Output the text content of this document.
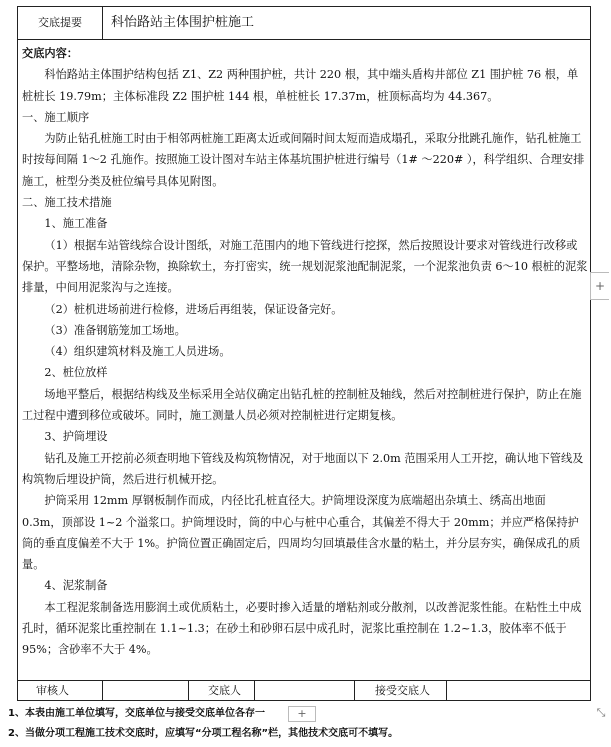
交底提要	科怡路站主体围护桩施工

交底内容：

科怡路站主体围护结构包括 Z1、Z2 两种围护桩，共计 220 根，其中端头盾构井部位 Z1 围护桩 76 根，单桩桩长 19.79m；主体标准段 Z2 围护桩 144 根，单桩桩长 17.37m，桩顶标高均为 44.367。

一、施工顺序

为防止钻孔桩施工时由于相邻两桩施工距离太近或间隔时间太短而造成塌孔，采取分批跳孔施作，钻孔桩施工时按每间隔 1～2 孔施作。按照施工设计图对车站主体基坑围护桩进行编号（1# ～220# ），科学组织、合理安排施工，桩型分类及桩位编号具体见附图。

二、施工技术措施

1、施工准备

（1）根据车站管线综合设计图纸，对施工范围内的地下管线进行挖探，然后按照设计要求对管线进行改移或保护。平整场地，清除杂物，换除软土，夯打密实，统一规划泥浆池配制泥浆，一个泥浆池负责 6～10 根桩的泥浆排量，中间用泥浆沟与之连接。

（2）桩机进场前进行检修，进场后再组装，保证设备完好。

（3）准备钢筋笼加工场地。

（4）组织建筑材料及施工人员进场。

2、桩位放样

场地平整后，根据结构线及坐标采用全站仪确定出钻孔桩的控制桩及轴线，然后对控制桩进行保护，防止在施工过程中遭到移位或破坏。同时，施工测量人员必须对控制桩进行定期复核。

3、护筒埋设

钻孔及施工开挖前必须查明地下管线及构筑物情况，对于地面以下 2.0m 范围采用人工开挖，确认地下管线及构筑物后埋设护筒，然后进行机械开挖。

护筒采用 12mm 厚钢板制作而成，内径比孔桩直径大。护筒埋设深度为底端超出杂填土、绣高出地面 0.3m，顶部设 1~2 个溢浆口。护筒埋设时，筒的中心与桩中心重合，其偏差不得大于 20mm；并应严格保持护筒的垂直度偏差不大于 1%。护筒位置正确固定后，四周均匀回填最佳含水量的粘土，并分层夯实，确保成孔的质量。

4、泥浆制备

本工程泥浆制备选用膨润土或优质粘土，必要时掺入适量的增粘剂或分散剂，以改善泥浆性能。在粘性土中成孔时，循环泥浆比重控制在 1.1~1.3；在砂土和砂卵石层中成孔时，泥浆比重控制在 1.2~1.3，胶体率不低于 95%；含砂率不大于 4%。

审核人	交底人	接受交底人

1、本表由施工单位填写，交底单位与接受交底单位各存一

2、当做分项工程施工技术交底时，应填写“分项工程名称”栏，其他技术交底可不填写。

+
+
⤡
